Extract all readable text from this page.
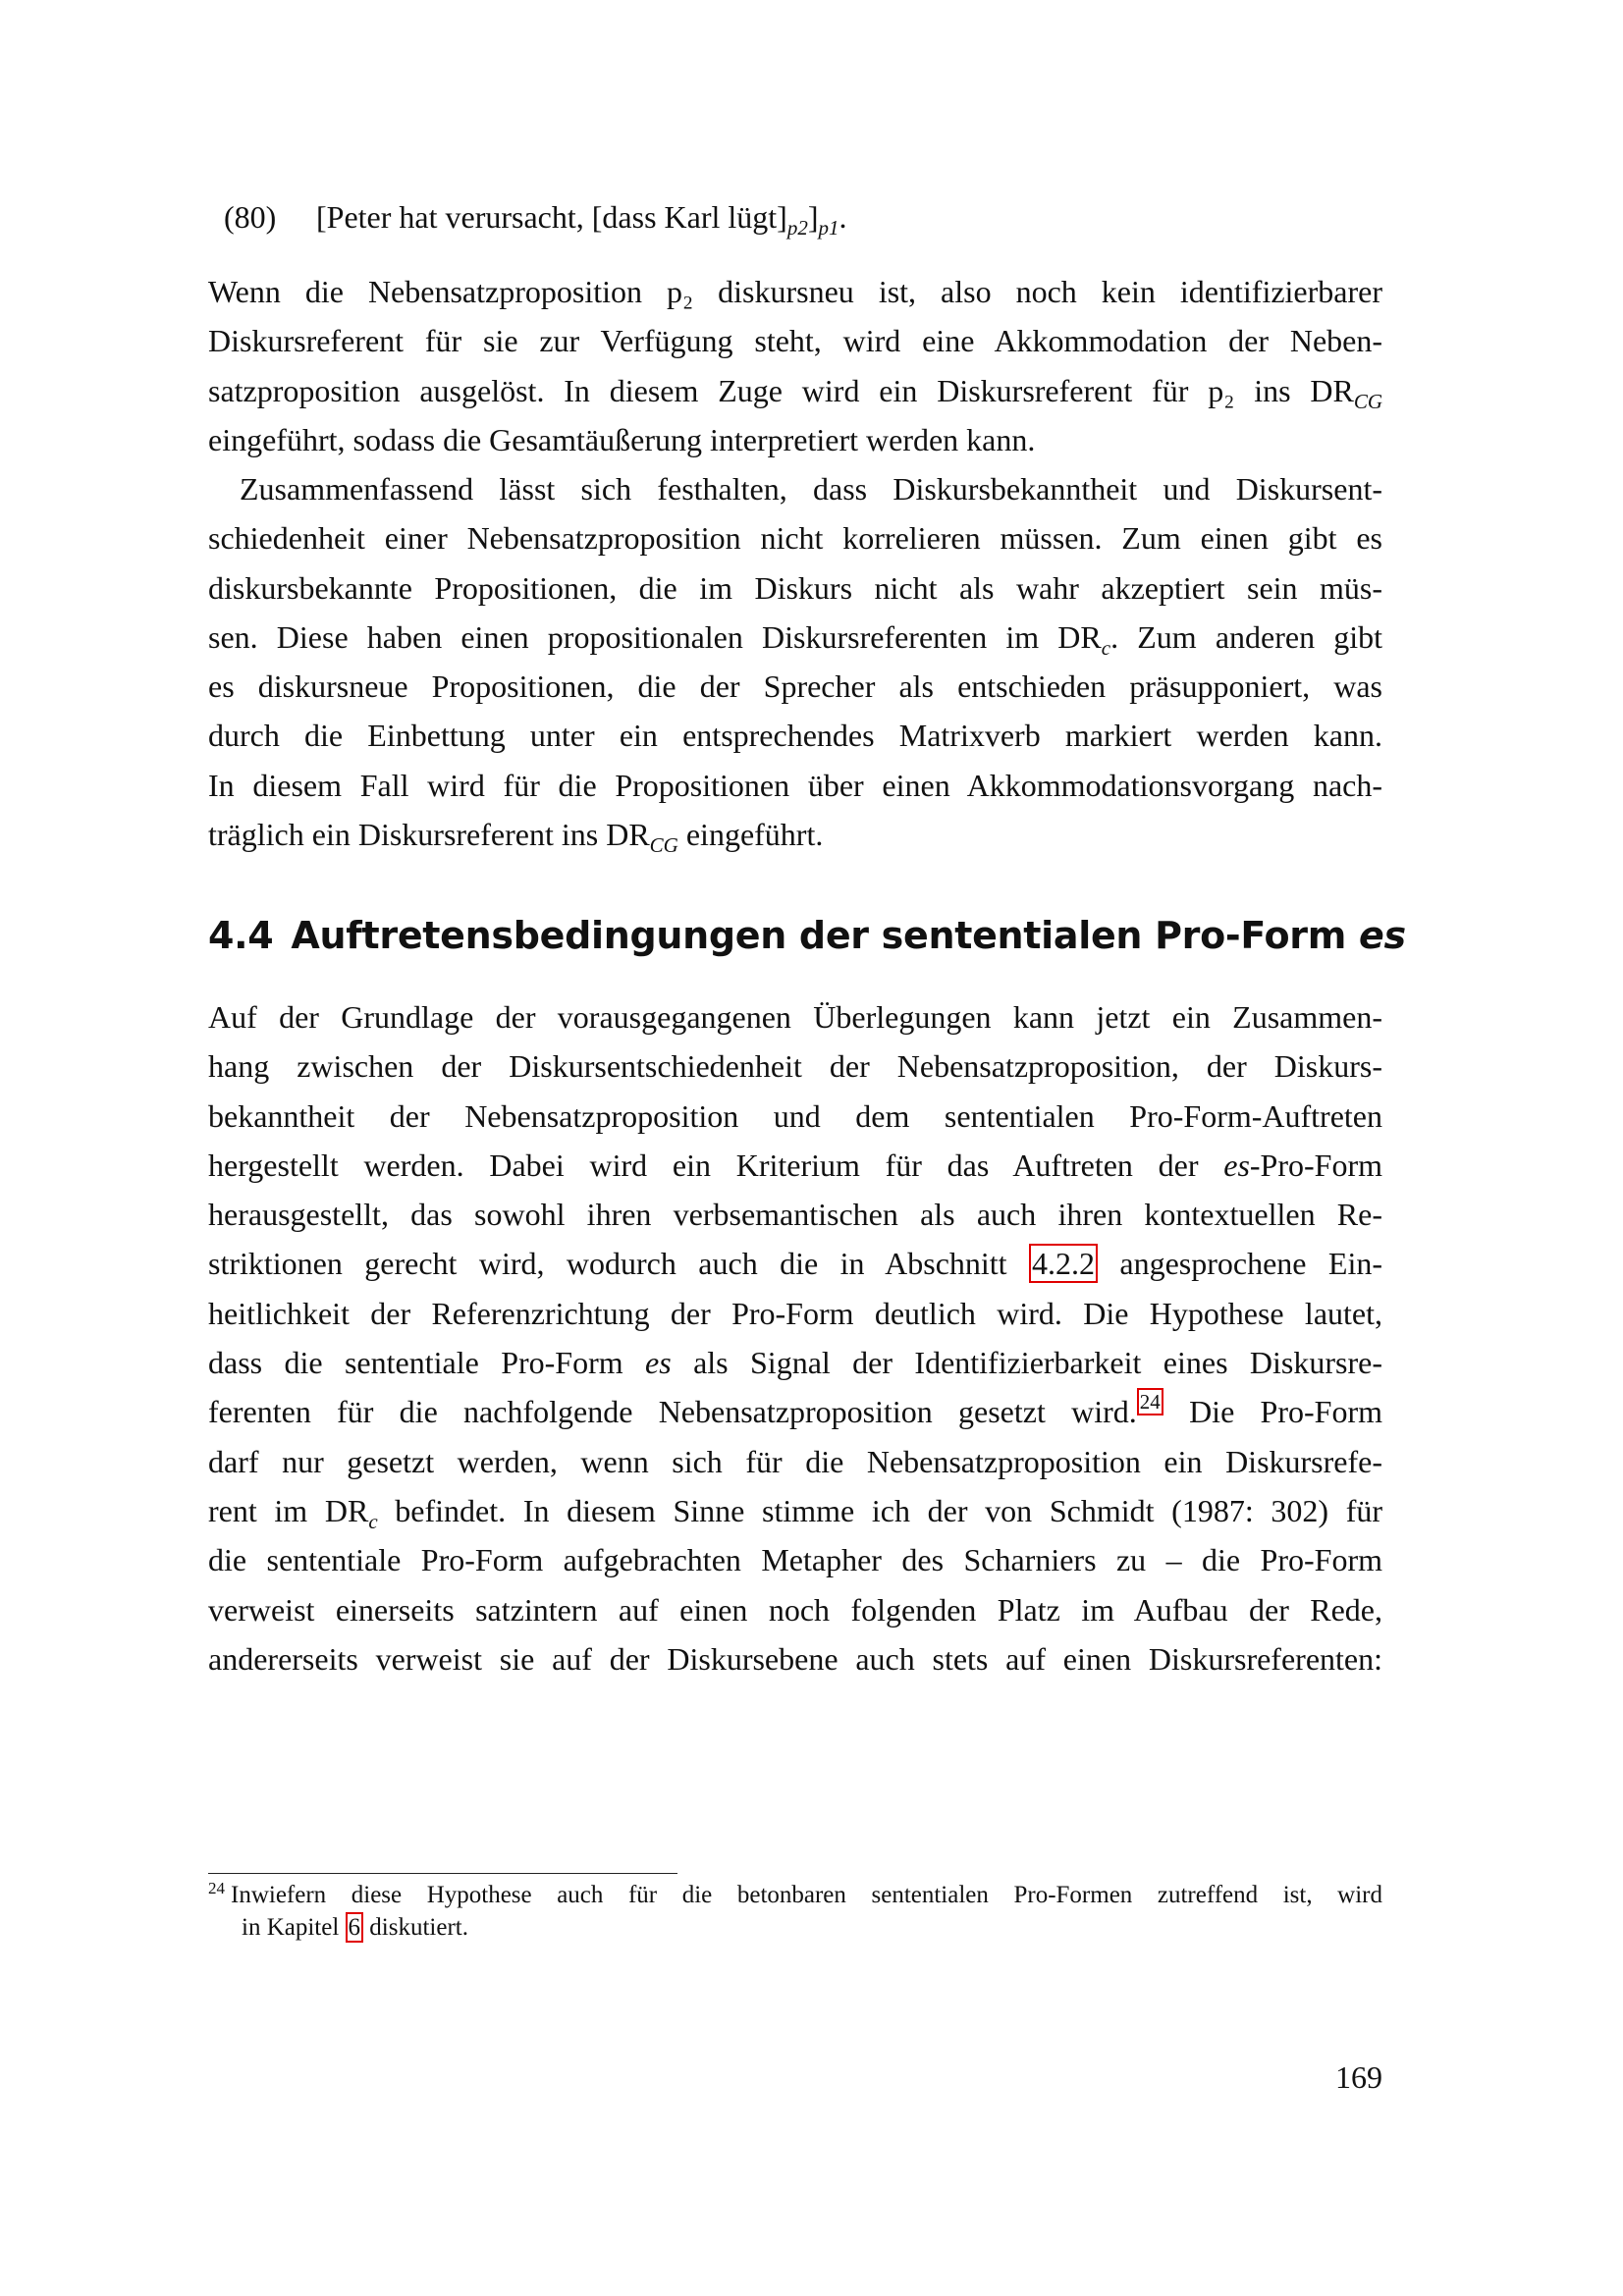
(80) [Peter hat verursacht, [dass Karl $lügt]_{p2}]_{p1}$.
Wenn die Nebensatzproposition p₂ diskursneu ist, also noch kein identifizierbarer
Diskursreferent für sie zur Verfügung steht, wird eine Akkommodation der Neben-
satzproposition ausgelöst. In diesem Zuge wird ein Diskursreferent für p₂ ins $DR_{CG}$
eingeführt, sodass die Gesamtäußerung interpretiert werden kann.
Zusammenfassend lässt sich festhalten, dass Diskursbekanntheit und Diskursent-
schiedenheit einer Nebensatzproposition nicht korrelieren müssen. Zum einen gibt es
diskursbekannte Propositionen, die im Diskurs nicht als wahr akzeptiert sein müs-
sen. Diese haben einen propositionalen Diskursreferenten im $DR_c$. Zum anderen gibt
es diskursneue Propositionen, die der Sprecher als entschieden präsupponiert, was
durch die Einbettung unter ein entsprechendes Matrixverb markiert werden kann.
In diesem Fall wird für die Propositionen über einen Akkommodationsvorgang nach-
träglich ein Diskursreferent ins $DR_{CG}$ eingeführt.
4.4 Auftretensbedingungen der sententialen Pro-Form es
Auf der Grundlage der vorausgegangenen Überlegungen kann jetzt ein Zusammen-
hang zwischen der Diskursentschiedenheit der Nebensatzproposition, der Diskurs-
bekanntheit der Nebensatzproposition und dem sententialen Pro-Form-Auftreten
hergestellt werden. Dabei wird ein Kriterium für das Auftreten der es-Pro-Form
herausgestellt, das sowohl ihren verbsemantischen als auch ihren kontextuellen Re-
striktionen gerecht wird, wodurch auch die in Abschnitt 4.2.2 angesprochene Ein-
heitlichkeit der Referenzrichtung der Pro-Form deutlich wird. Die Hypothese lautet,
dass die sententiale Pro-Form es als Signal der Identifizierbarkeit eines Diskursre-
ferenten für die nachfolgende Nebensatzproposition gesetzt wird. $^{24}$ Die Pro-Form
darf nur gesetzt werden, wenn sich für die Nebensatzproposition ein Diskursrefe-
rent im $DR_c$ befindet. In diesem Sinne stimme ich der von Schmidt (1987: 302) für
die sententiale Pro-Form aufgebrachten Metapher des Scharniers zu – die Pro-Form
verweist einerseits satzintern auf einen noch folgenden Platz im Aufbau der Rede,
andererseits verweist sie auf der Diskursebene auch stets auf einen Diskursreferenten:
$^{24}$ Inwiefern diese Hypothese auch für die betonbaren sententialen Pro-Formen zutreffend ist, wird
in Kapitel 6 diskutiert.
169
